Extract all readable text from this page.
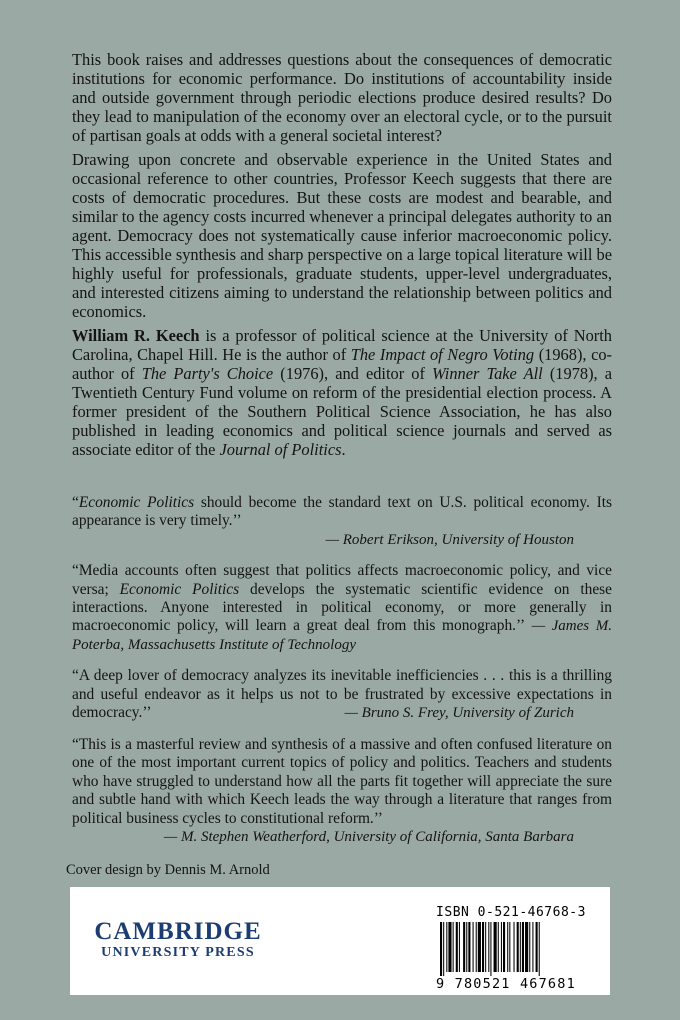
This book raises and addresses questions about the consequences of democratic institutions for economic performance. Do institutions of accountability inside and outside government through periodic elections produce desired results? Do they lead to manipulation of the economy over an electoral cycle, or to the pursuit of partisan goals at odds with a general societal interest?

Drawing upon concrete and observable experience in the United States and occasional reference to other countries, Professor Keech suggests that there are costs of democratic procedures. But these costs are modest and bearable, and similar to the agency costs incurred whenever a principal delegates authority to an agent. Democracy does not systematically cause inferior macroeconomic policy. This accessible synthesis and sharp perspective on a large topical literature will be highly useful for professionals, graduate students, upper-level undergraduates, and interested citizens aiming to understand the relationship between politics and economics.

William R. Keech is a professor of political science at the University of North Carolina, Chapel Hill. He is the author of The Impact of Negro Voting (1968), co-author of The Party's Choice (1976), and editor of Winner Take All (1978), a Twentieth Century Fund volume on reform of the presidential election process. A former president of the Southern Political Science Association, he has also published in leading economics and political science journals and served as associate editor of the Journal of Politics.

“Economic Politics should become the standard text on U.S. political economy. Its appearance is very timely.’’
— Robert Erikson, University of Houston
“Media accounts often suggest that politics affects macroeconomic policy, and vice versa; Economic Politics develops the systematic scientific evidence on these interactions. Anyone interested in political economy, or more generally in macroeconomic policy, will learn a great deal from this monograph.’’ — James M. Poterba, Massachusetts Institute of Technology
“A deep lover of democracy analyzes its inevitable inefficiencies . . . this is a thrilling and useful endeavor as it helps us not to be frustrated by excessive expectations in democracy.’’	— Bruno S. Frey, University of Zurich
“This is a masterful review and synthesis of a massive and often confused literature on one of the most important current topics of policy and politics. Teachers and students who have struggled to understand how all the parts fit together will appreciate the sure and subtle hand with which Keech leads the way through a literature that ranges from political business cycles to constitutional reform.’’
— M. Stephen Weatherford, University of California, Santa Barbara
Cover design by Dennis M. Arnold
CAMBRIDGE
UNIVERSITY PRESS
ISBN 0-521-46768-3
9 780521 467681
